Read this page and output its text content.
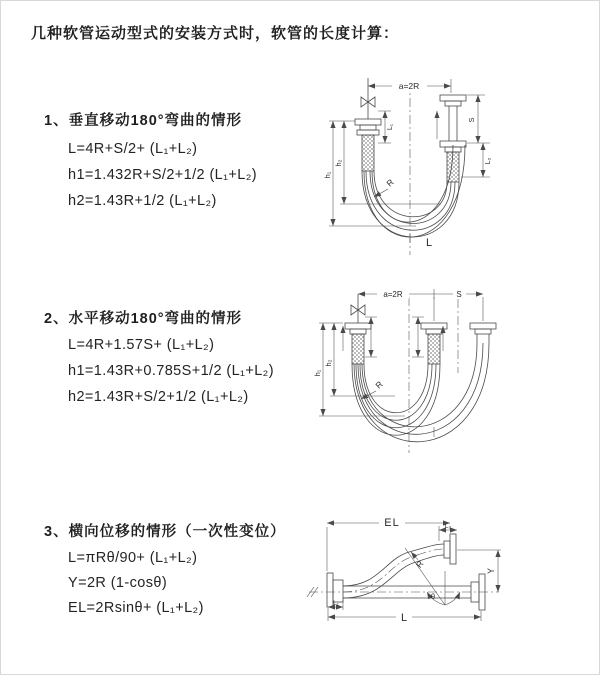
几种软管运动型式的安装方式时，软管的长度计算：
1、垂直移动180°弯曲的情形
L=4R+S/2+ (L₁+L₂)
h1=1.432R+S/2+1/2 (L₁+L₂)
h2=1.43R+1/2 (L₁+L₂)
2、水平移动180°弯曲的情形
L=4R+1.57S+ (L₁+L₂)
h1=1.43R+0.785S+1/2 (L₁+L₂)
h2=1.43R+S/2+1/2 (L₁+L₂)
3、横向位移的情形（一次性变位）
L=πRθ/90+ (L₁+L₂)
Y=2R (1-cosθ)
EL=2Rsinθ+ (L₁+L₂)
a=2R
h₁
h₂
L₁
S
L₂
R
L
a=2R	S
h₁
h₂
R
EL
L
Y
L₂
L₁
R
θ
